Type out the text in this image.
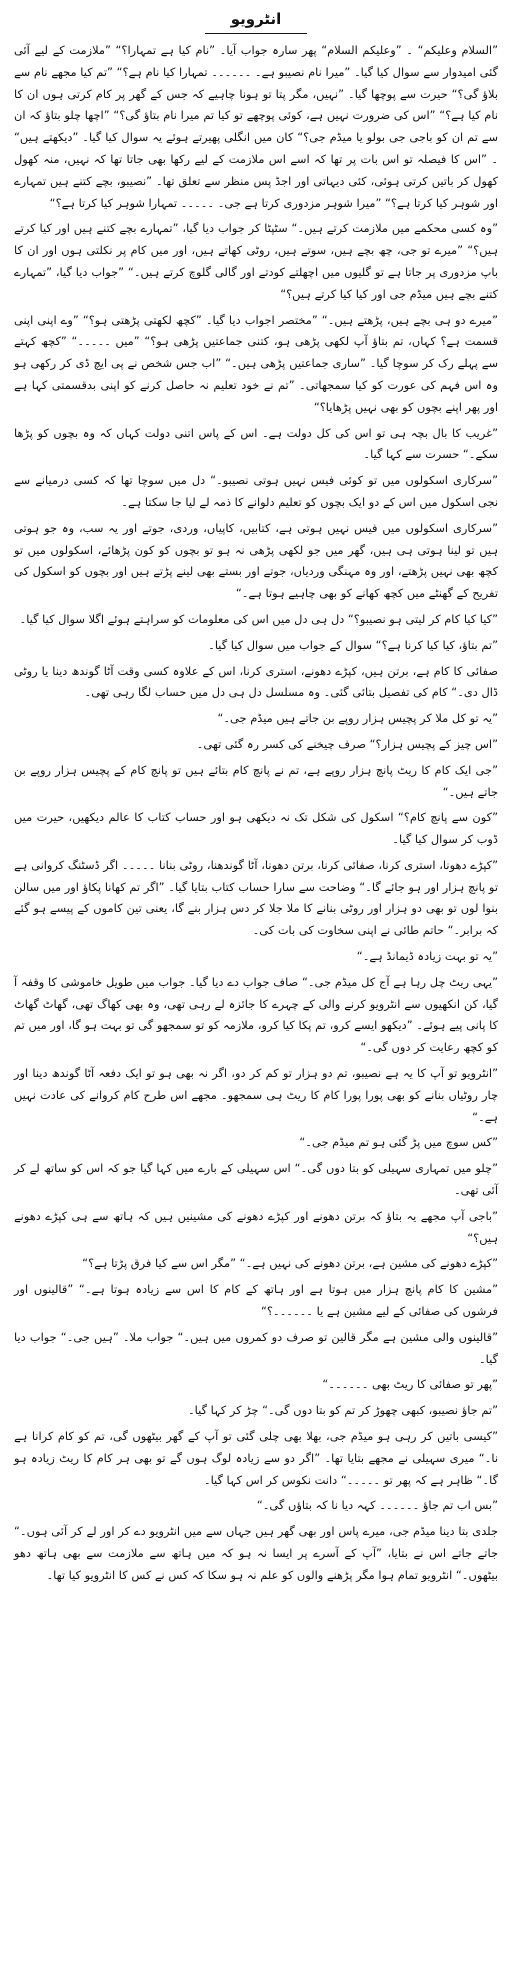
انٹرویو

”السلام وعلیکم“ ۔ ”وعلیکم السلام“ پھر سارہ جواب آیا۔ ”نام کیا ہے تمہارا؟“ ”ملازمت کے لیے آئی گئی امیدوار سے سوال کیا گیا۔ ”میرا نام نصیبو ہے۔ ۔۔۔۔۔۔ تمہارا کیا نام ہے؟“ ”تم کیا مجھے نام سے بلاؤ گی؟“ حیرت سے پوچھا گیا۔ ”نہیں، مگر پتا تو ہونا چاہیے کہ جس کے گھر پر کام کرتی ہوں ان کا نام کیا ہے؟“ ”اس کی ضرورت نہیں ہے، کوئی پوچھے تو کیا تم میرا نام بتاؤ گی؟“ ”اچھا چلو بتاؤ کہ ان سے تم ان کو باجی جی بولو یا میڈم جی؟“ کان میں انگلی پھیرتے ہوئے یہ سوال کیا گیا۔ ”دیکھتے ہیں“ ۔ ”اس کا فیصلہ تو اس بات پر تھا کہ اسے اس ملازمت کے لیے رکھا بھی جاتا تھا کہ نہیں، منہ کھول کھول کر باتیں کرتی ہوئی، کئی دیہاتی اور اجڈ پس منظر سے تعلق تھا۔ ”نصیبو، بچے کتنے ہیں تمہارے اور شوہر کیا کرتا ہے؟“ ”میرا شوہر مزدوری کرتا ہے جی۔ ۔۔۔۔۔ تمہارا شوہر کیا کرتا ہے؟“

”وہ کسی محکمے میں ملازمت کرتے ہیں۔“ سٹپٹا کر جواب دیا گیا، ”تمہارے بچے کتنے ہیں اور کیا کرتے ہیں؟“ ”میرے تو جی، چھ بچے ہیں، سوتے ہیں، روٹی کھاتے ہیں، اور میں کام پر نکلتی ہوں اور ان کا باپ مزدوری پر جاتا ہے تو گلیوں میں اچھلتے کودتے اور گالی گلوچ کرتے ہیں۔“ ”جواب دیا گیا، ”تمہارے کتنے بچے ہیں میڈم جی اور کیا کیا کرتے ہیں؟“

”میرے دو ہی بچے ہیں، پڑھتے ہیں۔“ ”مختصر اجواب دیا گیا۔ ”کچھ لکھتی پڑھتی ہو؟“ ”وے اپنی اپنی قسمت ہے؟ کہاں، تم بتاؤ آپ لکھی پڑھی ہو، کتنی جماعتیں پڑھی ہو؟“ ”میں ۔۔۔۔۔“ ”کچھ کہتے سے پہلے رک کر سوچا گیا۔ ”ساری جماعتیں پڑھی ہیں۔“ ”اب جس شخص نے پی ایچ ڈی کر رکھی ہو وہ اس فہم کی عورت کو کیا سمجھاتی۔ ”تم نے خود تعلیم نہ حاصل کرنے کو اپنی بدقسمتی کہا ہے اور پھر اپنے بچوں کو بھی نہیں پڑھایا؟“

”غریب کا بال بچہ ہی تو اس کی کل دولت ہے۔ اس کے پاس اتنی دولت کہاں کہ وہ بچوں کو پڑھا سکے۔“ حسرت سے کہا گیا۔

”سرکاری اسکولوں میں تو کوئی فیس نہیں ہوتی نصیبو۔“ دل میں سوچا تھا کہ کسی درمیانے سے نجی اسکول میں اس کے دو ایک بچوں کو تعلیم دلوانے کا ذمہ لے لیا جا سکتا ہے۔

”سرکاری اسکولوں میں فیس نہیں ہوتی ہے، کتابیں، کاپیاں، وردی، جوتے اور یہ سب، وہ جو ہوتی ہیں تو لینا ہوتی ہی ہیں، گھر میں جو لکھی پڑھی نہ ہو تو بچوں کو کون پڑھائے، اسکولوں میں تو کچھ بھی نہیں پڑھتے، اور وہ مہنگی وردیاں، جوتے اور بستے بھی لینے پڑتے ہیں اور بچوں کو اسکول کی تفریح کے گھنٹے میں کچھ کھانے کو بھی چاہیے ہوتا ہے۔“

”کیا کیا کام کر لیتی ہو نصیبو؟“ دل ہی دل میں اس کی معلومات کو سراہتے ہوئے اگلا سوال کیا گیا۔

”تم بتاؤ، کیا کیا کرنا ہے؟“ سوال کے جواب میں سوال کیا گیا۔

صفائی کا کام ہے، برتن ہیں، کپڑے دھونے، استری کرنا، اس کے علاوہ کسی وقت آٹا گوندھ دینا یا روٹی ڈال دی۔“ کام کی تفصیل بتائی گئی۔ وہ مسلسل دل ہی دل میں حساب لگا رہی تھی۔

”یہ تو کل ملا کر پچیس ہزار روپے بن جاتے ہیں میڈم جی۔“

”اس چیز کے پچیس ہزار؟“ صرف چیخنے کی کسر رہ گئی تھی۔

”جی ایک کام کا ریٹ پانچ ہزار روپے ہے، تم نے پانچ کام بتائے ہیں تو پانچ کام کے پچیس ہزار روپے بن جاتے ہیں۔“

”کون سے پانچ کام؟“ اسکول کی شکل تک نہ دیکھی ہو اور حساب کتاب کا عالم دیکھیں، حیرت میں ڈوب کر سوال کیا گیا۔

”کپڑے دھونا، استری کرنا، صفائی کرنا، برتن دھونا، آٹا گوندھنا، روٹی بنانا ۔۔۔۔۔ اگر ڈسٹنگ کروانی ہے تو پانچ ہزار اور ہو جائے گا۔“ وضاحت سے سارا حساب کتاب بتایا گیا۔ ”اگر تم کھانا پکاؤ اور میں سالن بنوا لوں تو بھی دو ہزار اور روٹی بنانے کا ملا جلا کر دس ہزار بنے گا، یعنی تین کاموں کے پیسے ہو گئے کہ برابر۔“ حاتم طائی نے اپنی سخاوت کی بات کی۔

”یہ تو بہت زیادہ ڈیمانڈ ہے۔“

”یہی ریٹ چل رہا ہے آج کل میڈم جی۔“ صاف جواب دے دیا گیا۔ جواب میں طویل خاموشی کا وقفہ آ گیا، کن انکھیوں سے انٹرویو کرنے والی کے چہرے کا جائزہ لے رہی تھی، وہ بھی کھاگ تھی، گھاٹ گھاٹ کا پانی پیے ہوئے۔ ”دیکھو ایسے کرو، تم پکا کیا کرو، ملازمہ کو تو سمجھو گی تو بہت ہو گا، اور میں تم کو کچھ رعایت کر دوں گی۔“

”انٹرویو تو آپ کا یہ ہے نصیبو، تم دو ہزار تو کم کر دو، اگر نہ بھی ہو تو ایک دفعہ آٹا گوندھ دینا اور چار روٹیاں بنانے کو بھی پورا پورا کام کا ریٹ ہی سمجھو۔ مجھے اس طرح کام کروانے کی عادت نہیں ہے۔“

”کس سوچ میں پڑ گئی ہو تم میڈم جی۔“

”چلو میں تمہاری سہیلی کو بتا دوں گی۔“ اس سہیلی کے بارے میں کہا گیا جو کہ اس کو ساتھ لے کر آئی تھی۔

”باجی آپ مجھے یہ بتاؤ کہ برتن دھونے اور کپڑے دھونے کی مشینیں ہیں کہ ہاتھ سے ہی کپڑے دھونے ہیں؟“

”کپڑے دھونے کی مشین ہے، برتن دھونے کی نہیں ہے۔“ ”مگر اس سے کیا فرق پڑتا ہے؟“

”مشین کا کام پانچ ہزار میں ہوتا ہے اور ہاتھ کے کام کا اس سے زیادہ ہوتا ہے۔“ ”قالینوں اور فرشوں کی صفائی کے لیے مشین ہے یا ۔۔۔۔۔۔؟“

”قالینوں والی مشین ہے مگر قالین تو صرف دو کمروں میں ہیں۔“ جواب ملا۔ ”ہیں جی۔“ جواب دیا گیا۔

”پھر تو صفائی کا ریٹ بھی ۔۔۔۔۔۔“

”تم جاؤ نصیبو، کبھی چھوڑ کر تم کو بتا دوں گی۔“ چڑ کر کہا گیا۔

”کیسی باتیں کر رہی ہو میڈم جی، بھلا بھی چلی گئی تو آپ کے گھر بیٹھوں گی، تم کو کام کرانا ہے نا۔“ میری سہیلی نے مجھے بتایا تھا۔ ”اگر دو سے زیادہ لوگ ہوں گے تو بھی ہر کام کا ریٹ زیادہ ہو گا۔“ ظاہر ہے کہ پھر تو ۔۔۔۔۔“ دانت نکوس کر اس کہا گیا۔

”بس اب تم جاؤ ۔۔۔۔۔۔ کہہ دیا نا کہ بتاؤں گی۔“

جلدی بتا دینا میڈم جی، میرے پاس اور بھی گھر ہیں جہاں سے میں انٹرویو دے کر اور لے کر آئی ہوں۔“ جاتے جاتے اس نے بتایا، ”آپ کے آسرے پر ایسا نہ ہو کہ میں ہاتھ سے ملازمت سے بھی ہاتھ دھو بیٹھوں۔“ انٹرویو تمام ہوا مگر پڑھنے والوں کو علم نہ ہو سکا کہ کس نے کس کا انٹرویو کیا تھا۔
